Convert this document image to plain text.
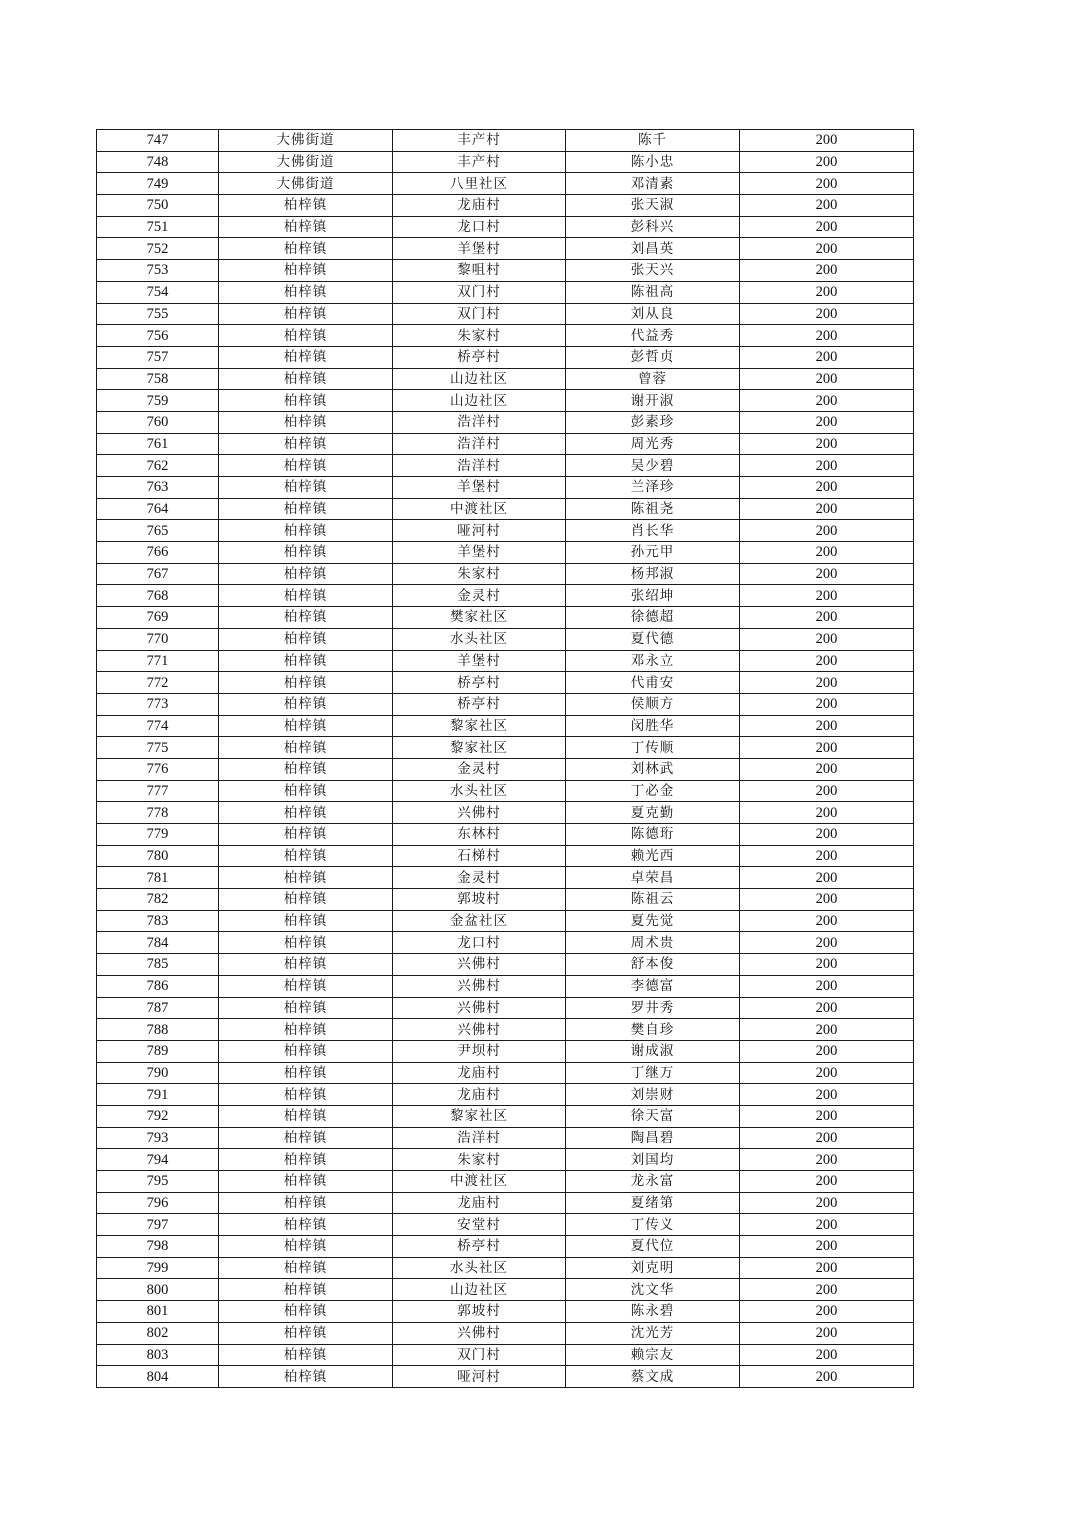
747	大佛街道	丰产村	陈千	200
748	大佛街道	丰产村	陈小忠	200
749	大佛街道	八里社区	邓清素	200
750	柏梓镇	龙庙村	张天淑	200
751	柏梓镇	龙口村	彭科兴	200
752	柏梓镇	羊堡村	刘昌英	200
753	柏梓镇	黎咀村	张天兴	200
754	柏梓镇	双门村	陈祖高	200
755	柏梓镇	双门村	刘从良	200
756	柏梓镇	朱家村	代益秀	200
757	柏梓镇	桥亭村	彭哲贞	200
758	柏梓镇	山边社区	曾蓉	200
759	柏梓镇	山边社区	谢开淑	200
760	柏梓镇	浩洋村	彭素珍	200
761	柏梓镇	浩洋村	周光秀	200
762	柏梓镇	浩洋村	吴少碧	200
763	柏梓镇	羊堡村	兰泽珍	200
764	柏梓镇	中渡社区	陈祖尧	200
765	柏梓镇	哑河村	肖长华	200
766	柏梓镇	羊堡村	孙元甲	200
767	柏梓镇	朱家村	杨邦淑	200
768	柏梓镇	金灵村	张绍坤	200
769	柏梓镇	樊家社区	徐德超	200
770	柏梓镇	水头社区	夏代德	200
771	柏梓镇	羊堡村	邓永立	200
772	柏梓镇	桥亭村	代甫安	200
773	柏梓镇	桥亭村	侯顺方	200
774	柏梓镇	黎家社区	闵胜华	200
775	柏梓镇	黎家社区	丁传顺	200
776	柏梓镇	金灵村	刘林武	200
777	柏梓镇	水头社区	丁必金	200
778	柏梓镇	兴佛村	夏克勤	200
779	柏梓镇	东林村	陈德珩	200
780	柏梓镇	石梯村	赖光西	200
781	柏梓镇	金灵村	卓荣昌	200
782	柏梓镇	郭坡村	陈祖云	200
783	柏梓镇	金盆社区	夏先觉	200
784	柏梓镇	龙口村	周术贵	200
785	柏梓镇	兴佛村	舒本俊	200
786	柏梓镇	兴佛村	李德富	200
787	柏梓镇	兴佛村	罗井秀	200
788	柏梓镇	兴佛村	樊自珍	200
789	柏梓镇	尹坝村	谢成淑	200
790	柏梓镇	龙庙村	丁继万	200
791	柏梓镇	龙庙村	刘崇财	200
792	柏梓镇	黎家社区	徐天富	200
793	柏梓镇	浩洋村	陶昌碧	200
794	柏梓镇	朱家村	刘国均	200
795	柏梓镇	中渡社区	龙永富	200
796	柏梓镇	龙庙村	夏绪第	200
797	柏梓镇	安堂村	丁传义	200
798	柏梓镇	桥亭村	夏代位	200
799	柏梓镇	水头社区	刘克明	200
800	柏梓镇	山边社区	沈文华	200
801	柏梓镇	郭坡村	陈永碧	200
802	柏梓镇	兴佛村	沈光芳	200
803	柏梓镇	双门村	赖宗友	200
804	柏梓镇	哑河村	蔡文成	200
